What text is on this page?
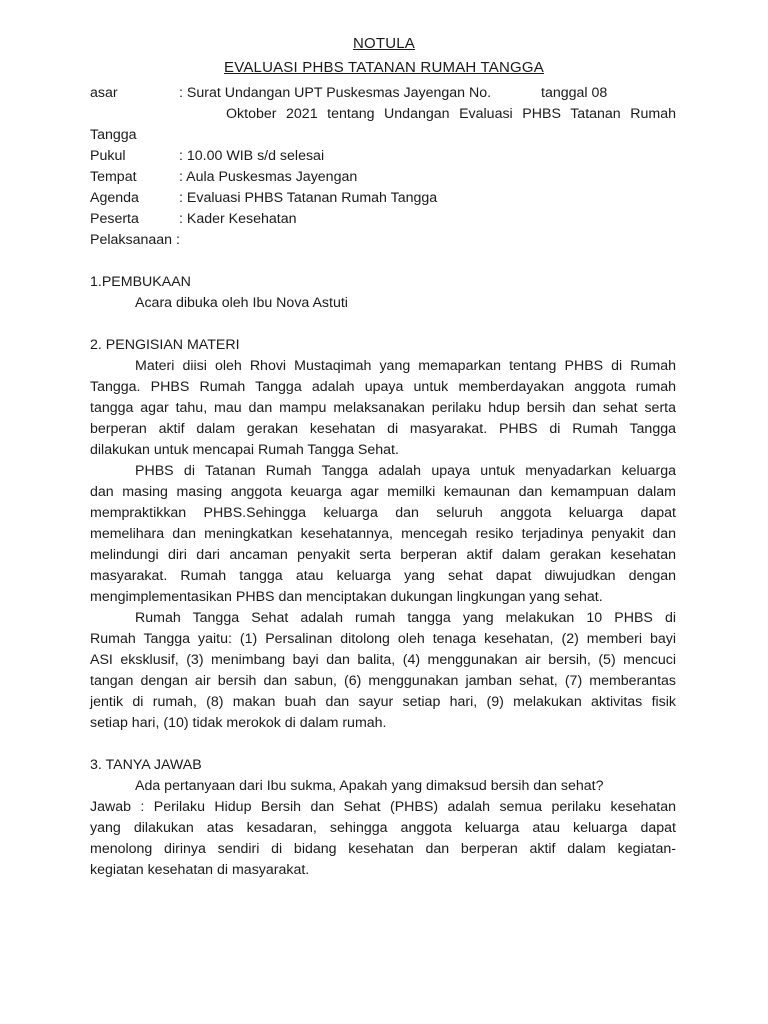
NOTULA
EVALUASI PHBS TATANAN RUMAH TANGGA
asar	: Surat Undangan UPT Puskesmas Jayengan No.	tanggal 08
Oktober 2021 tentang Undangan Evaluasi PHBS Tatanan Rumah
Tangga
Pukul	: 10.00 WIB s/d selesai
Tempat	: Aula Puskesmas Jayengan
Agenda	: Evaluasi PHBS Tatanan Rumah Tangga
Peserta	: Kader Kesehatan
Pelaksanaan :
1.PEMBUKAAN
Acara dibuka oleh Ibu Nova Astuti
2. PENGISIAN MATERI
Materi diisi oleh Rhovi Mustaqimah yang memaparkan tentang PHBS di Rumah
Tangga. PHBS Rumah Tangga adalah upaya untuk memberdayakan anggota rumah
tangga agar tahu, mau dan mampu melaksanakan perilaku hdup bersih dan sehat serta
berperan aktif dalam gerakan kesehatan di masyarakat. PHBS di Rumah Tangga
dilakukan untuk mencapai Rumah Tangga Sehat.
PHBS di Tatanan Rumah Tangga adalah upaya untuk menyadarkan keluarga
dan masing masing anggota keuarga agar memilki kemaunan dan kemampuan dalam
mempraktikkan PHBS.Sehingga keluarga dan seluruh anggota keluarga dapat
memelihara dan meningkatkan kesehatannya, mencegah resiko terjadinya penyakit dan
melindungi diri dari ancaman penyakit serta berperan aktif dalam gerakan kesehatan
masyarakat. Rumah tangga atau keluarga yang sehat dapat diwujudkan dengan
mengimplementasikan PHBS dan menciptakan dukungan lingkungan yang sehat.
Rumah Tangga Sehat adalah rumah tangga yang melakukan 10 PHBS di
Rumah Tangga yaitu: (1) Persalinan ditolong oleh tenaga kesehatan, (2) memberi bayi
ASI eksklusif, (3) menimbang bayi dan balita, (4) menggunakan air bersih, (5) mencuci
tangan dengan air bersih dan sabun, (6) menggunakan jamban sehat, (7) memberantas
jentik di rumah, (8) makan buah dan sayur setiap hari, (9) melakukan aktivitas fisik
setiap hari, (10) tidak merokok di dalam rumah.
3. TANYA JAWAB
Ada pertanyaan dari Ibu sukma, Apakah yang dimaksud bersih dan sehat?
Jawab : Perilaku Hidup Bersih dan Sehat (PHBS) adalah semua perilaku kesehatan
yang dilakukan atas kesadaran, sehingga anggota keluarga atau keluarga dapat
menolong dirinya sendiri di bidang kesehatan dan berperan aktif dalam kegiatan-
kegiatan kesehatan di masyarakat.
